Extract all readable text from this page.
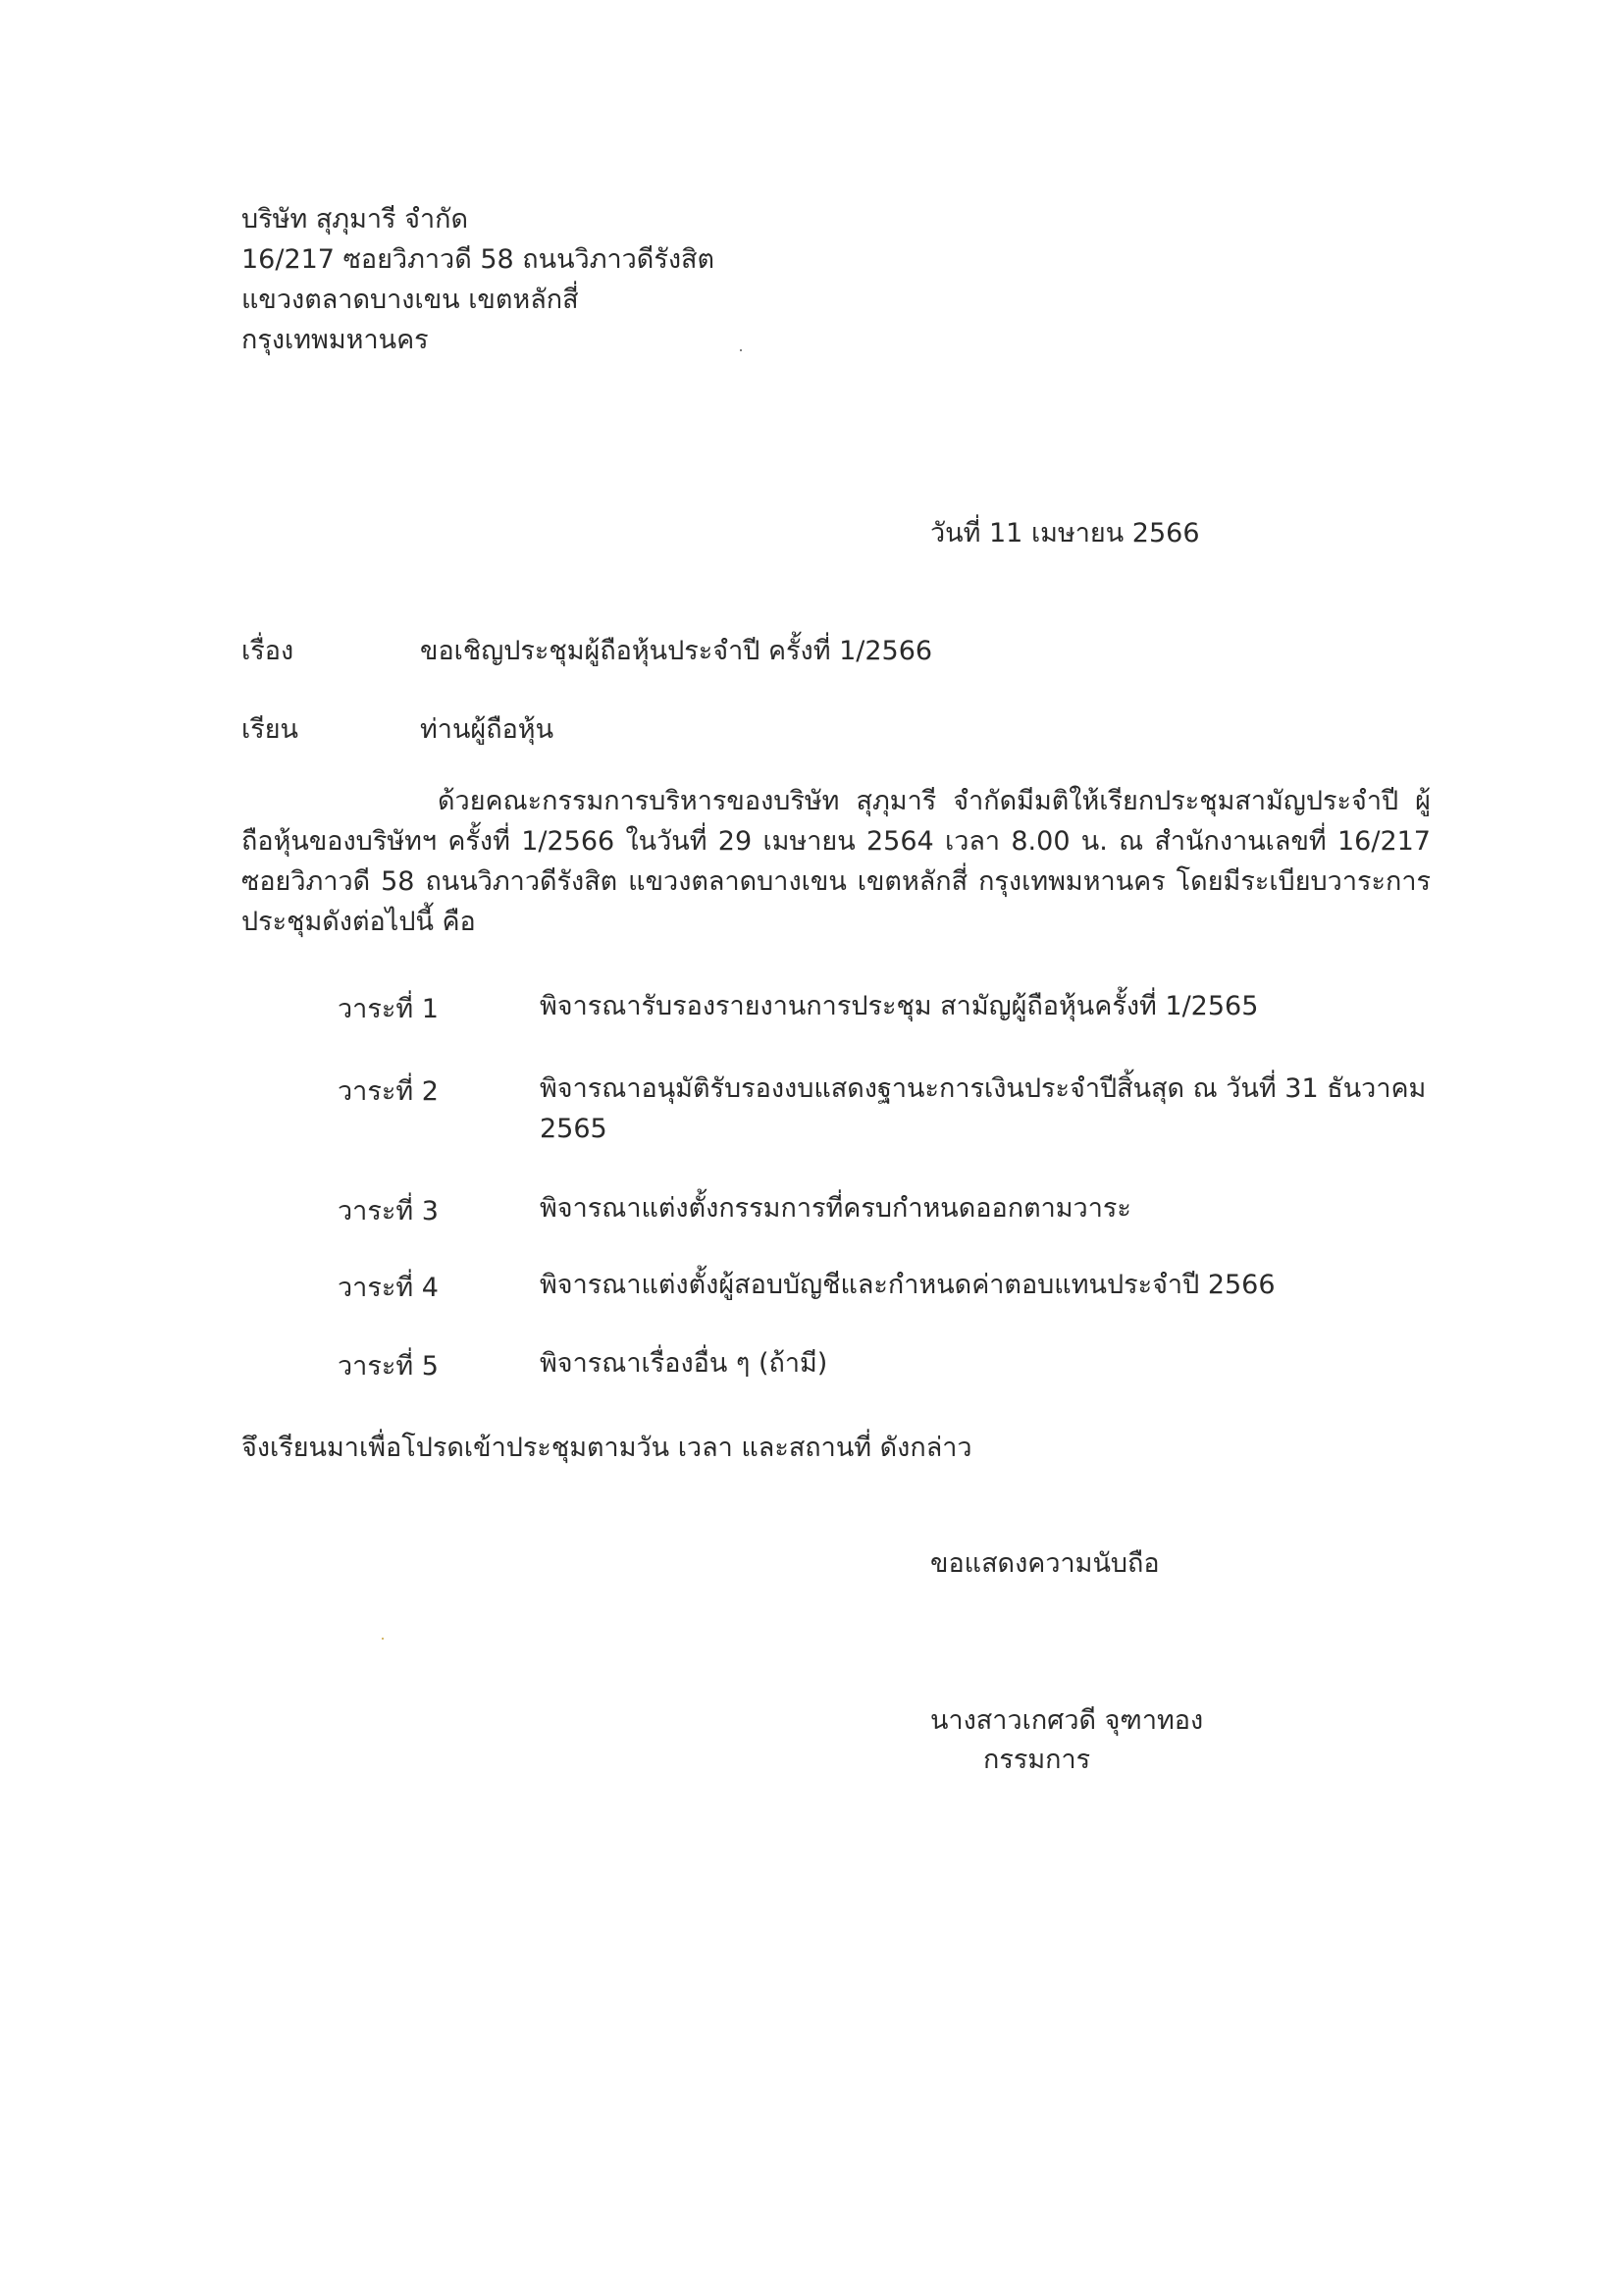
บริษัท สุภุมารี จำกัด
16/217 ซอยวิภาวดี 58 ถนนวิภาวดีรังสิต
แขวงตลาดบางเขน เขตหลักสี่
กรุงเทพมหานคร
วันที่ 11 เมษายน 2566
เรื่อง	ขอเชิญประชุมผู้ถือหุ้นประจำปี ครั้งที่ 1/2566
เรียน	ท่านผู้ถือหุ้น
ด้วยคณะกรรมการบริหารของบริษัท สุภุมารี จำกัดมีมติให้เรียกประชุมสามัญประจำปี ผู้ถือหุ้นของบริษัทฯ ครั้งที่ 1/2566 ในวันที่ 29 เมษายน 2564 เวลา 8.00 น. ณ สำนักงานเลขที่ 16/217 ซอยวิภาวดี 58 ถนนวิภาวดีรังสิต แขวงตลาดบางเขน เขตหลักสี่ กรุงเทพมหานคร โดยมีระเบียบวาระการประชุมดังต่อไปนี้ คือ
วาระที่ 1	พิจารณารับรองรายงานการประชุม สามัญผู้ถือหุ้นครั้งที่ 1/2565
วาระที่ 2	พิจารณาอนุมัติรับรองงบแสดงฐานะการเงินประจำปีสิ้นสุด ณ วันที่ 31 ธันวาคม 2565
วาระที่ 3	พิจารณาแต่งตั้งกรรมการที่ครบกำหนดออกตามวาระ
วาระที่ 4	พิจารณาแต่งตั้งผู้สอบบัญชีและกำหนดค่าตอบแทนประจำปี 2566
วาระที่ 5	พิจารณาเรื่องอื่น ๆ (ถ้ามี)
จึงเรียนมาเพื่อโปรดเข้าประชุมตามวัน เวลา และสถานที่ ดังกล่าว
ขอแสดงความนับถือ
นางสาวเกศวดี จุฑาทอง
กรรมการ
